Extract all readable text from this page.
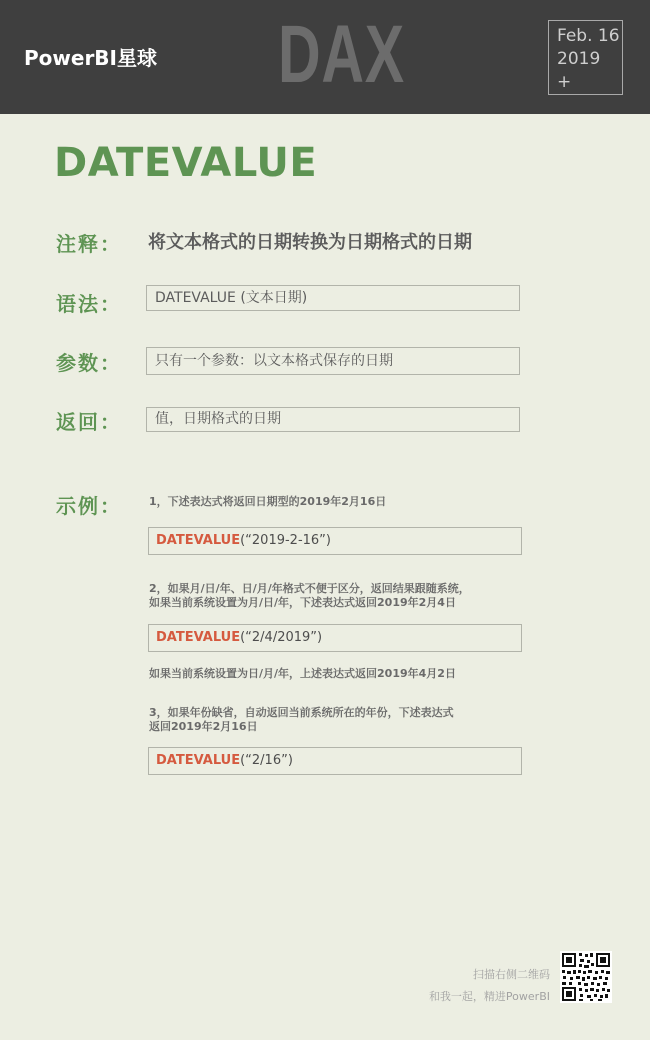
PowerBI星球 DAX	Feb. 16
2019
+
DATEVALUE
注释： 将文本格式的日期转换为日期格式的日期
语法：	DATEVALUE (文本日期)
参数：	只有一个参数：以文本格式保存的日期
返回：	值，日期格式的日期
示例： 1，下述表达式将返回日期型的2019年2月16日
DATEVALUE(“2019-2-16”)
2，如果月/日/年、日/月/年格式不便于区分，返回结果跟随系统，
如果当前系统设置为月/日/年，下述表达式返回2019年2月4日
DATEVALUE(“2/4/2019”)
如果当前系统设置为日/月/年，上述表达式返回2019年4月2日
3，如果年份缺省，自动返回当前系统所在的年份，下述表达式
返回2019年2月16日
DATEVALUE(“2/16”)
扫描右侧二维码
和我一起，精进PowerBI
